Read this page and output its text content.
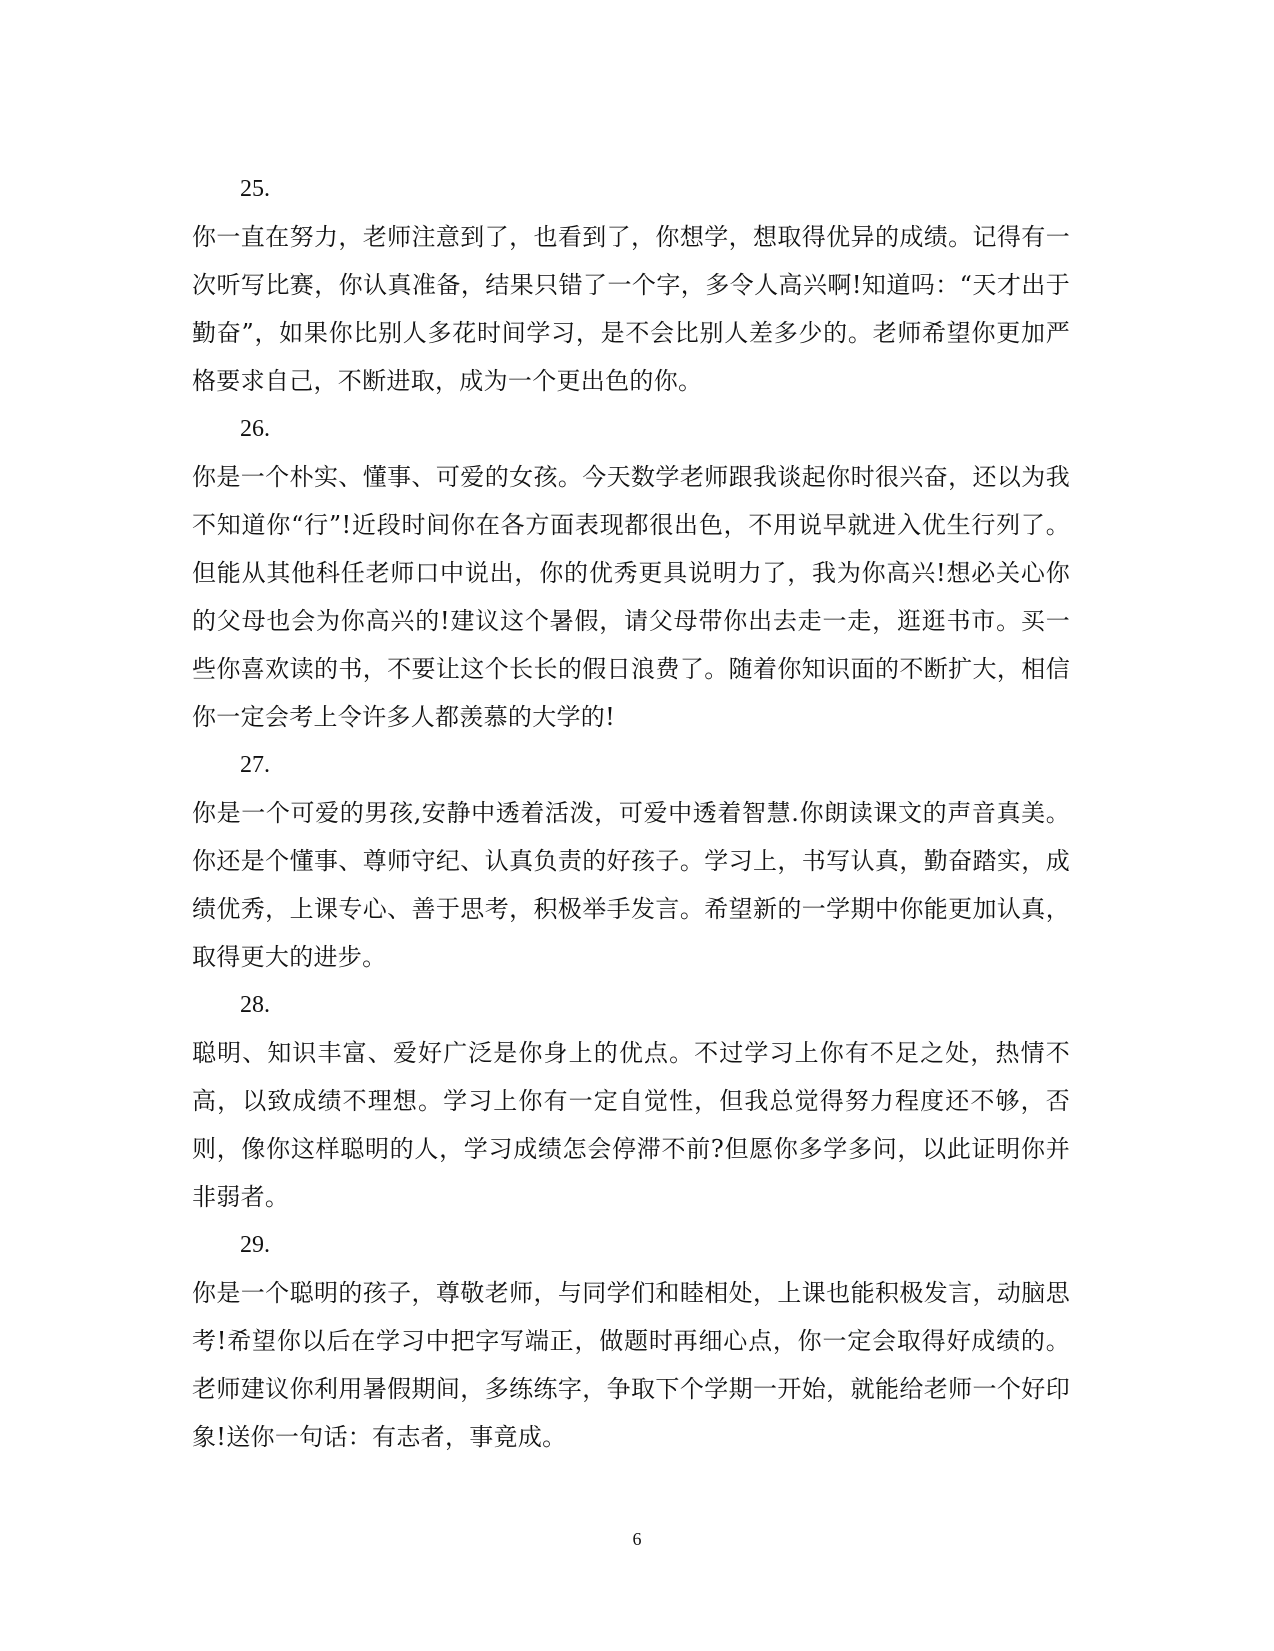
25.

你一直在努力，老师注意到了，也看到了，你想学，想取得优异的成绩。记得有一次听写比赛，你认真准备，结果只错了一个字，多令人高兴啊!知道吗：“天才出于勤奋”，如果你比别人多花时间学习，是不会比别人差多少的。老师希望你更加严格要求自己，不断进取，成为一个更出色的你。

26.

你是一个朴实、懂事、可爱的女孩。今天数学老师跟我谈起你时很兴奋，还以为我不知道你“行”!近段时间你在各方面表现都很出色，不用说早就进入优生行列了。但能从其他科任老师口中说出，你的优秀更具说明力了，我为你高兴!想必关心你的父母也会为你高兴的!建议这个暑假，请父母带你出去走一走，逛逛书市。买一些你喜欢读的书，不要让这个长长的假日浪费了。随着你知识面的不断扩大，相信你一定会考上令许多人都羡慕的大学的!

27.

你是一个可爱的男孩,安静中透着活泼，可爱中透着智慧.你朗读课文的声音真美。你还是个懂事、尊师守纪、认真负责的好孩子。学习上，书写认真，勤奋踏实，成绩优秀，上课专心、善于思考，积极举手发言。希望新的一学期中你能更加认真，取得更大的进步。

28.

聪明、知识丰富、爱好广泛是你身上的优点。不过学习上你有不足之处，热情不高，以致成绩不理想。学习上你有一定自觉性，但我总觉得努力程度还不够，否则，像你这样聪明的人，学习成绩怎会停滞不前?但愿你多学多问，以此证明你并非弱者。

29.

你是一个聪明的孩子，尊敬老师，与同学们和睦相处，上课也能积极发言，动脑思考!希望你以后在学习中把字写端正，做题时再细心点，你一定会取得好成绩的。老师建议你利用暑假期间，多练练字，争取下个学期一开始，就能给老师一个好印象!送你一句话：有志者，事竟成。

6
